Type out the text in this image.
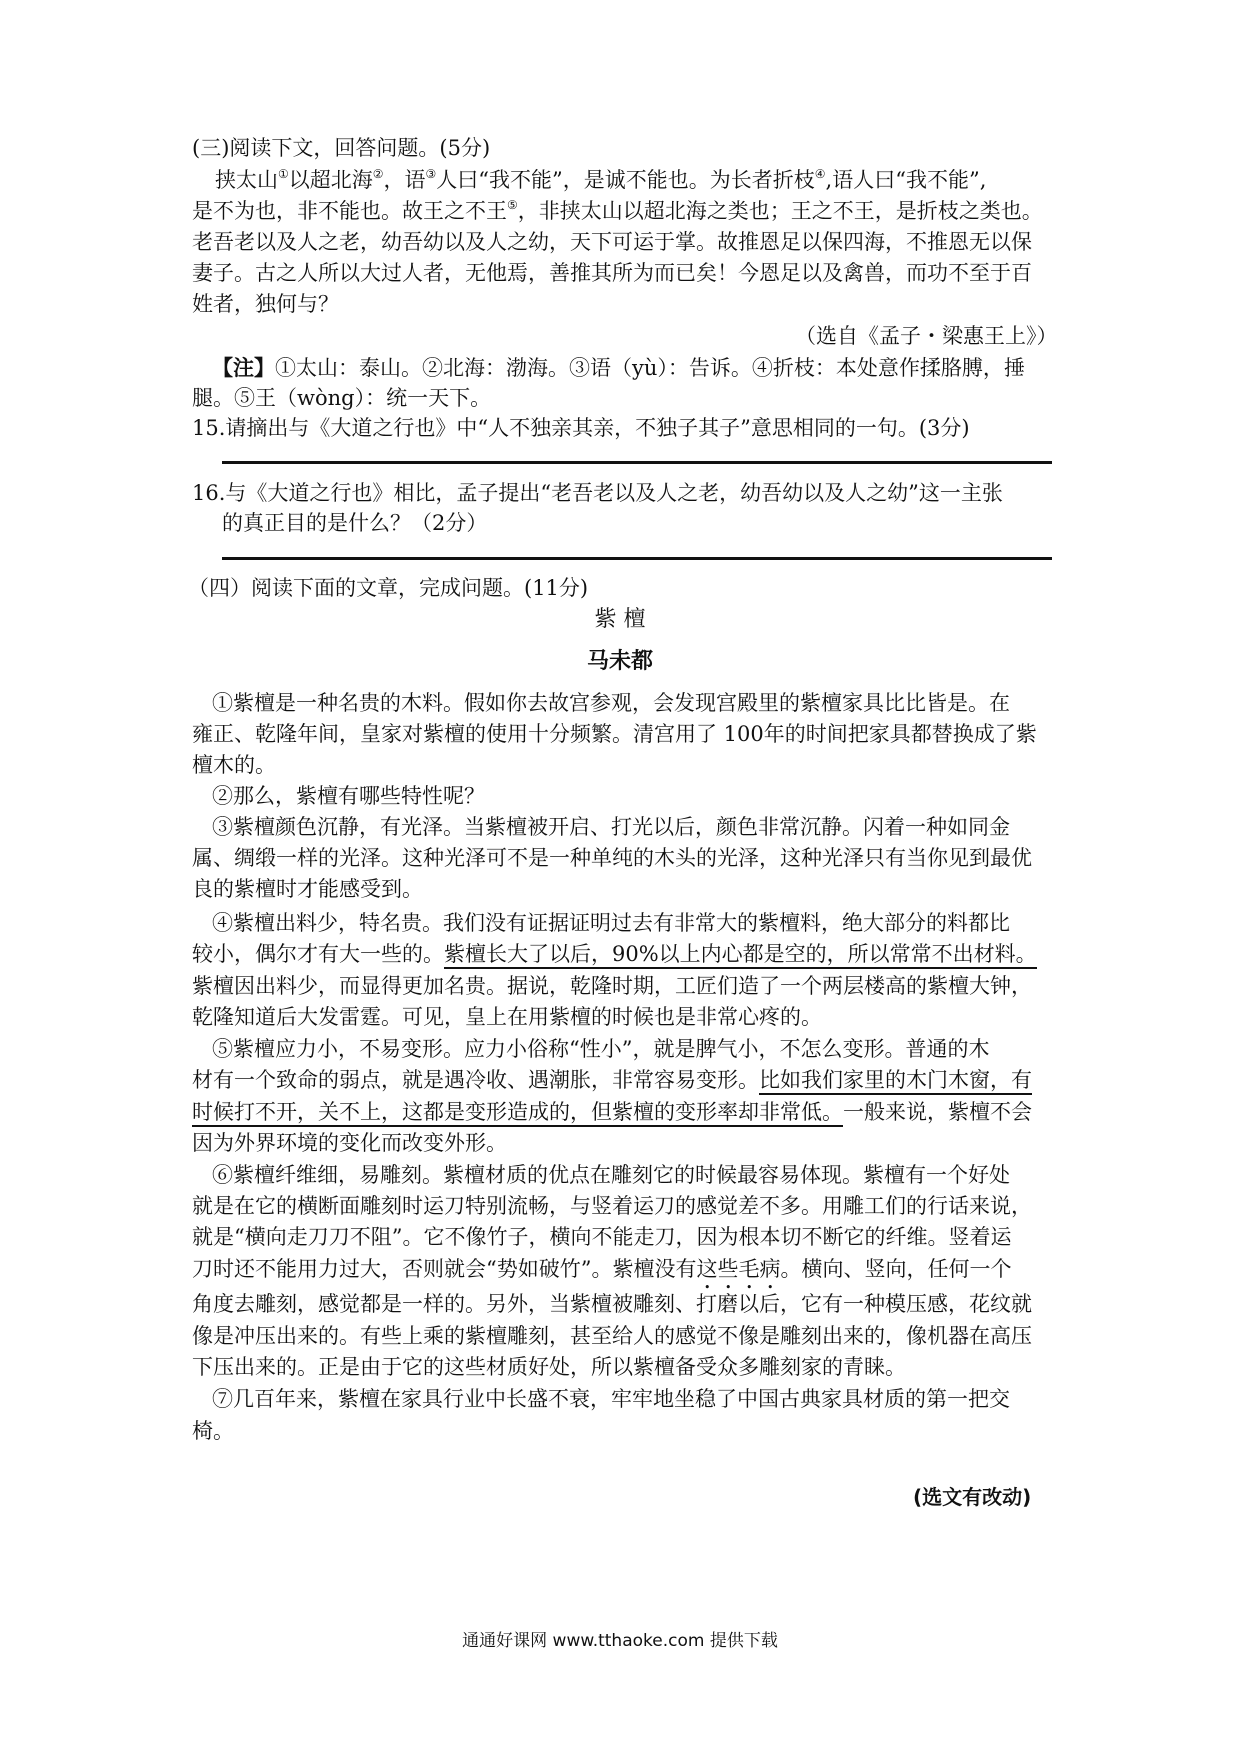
(三)阅读下文，回答问题。(5分)
挟太山①以超北海②，语③人曰“我不能”，是诚不能也。为长者折枝④,语人曰“我不能”,
是不为也，非不能也。故王之不王⑤，非挟太山以超北海之类也；王之不王，是折枝之类也。
老吾老以及人之老，幼吾幼以及人之幼，天下可运于掌。故推恩足以保四海，不推恩无以保
妻子。古之人所以大过人者，无他焉，善推其所为而已矣！今恩足以及禽兽，而功不至于百
姓者，独何与？
（选自《孟子・梁惠王上》）
【注】①太山：泰山。②北海：渤海。③语（yù）：告诉。④折枝：本处意作揉胳膊，捶
腿。⑤王（wòng）：统一天下。
15.请摘出与《大道之行也》中“人不独亲其亲，不独子其子”意思相同的一句。(3分)
16.与《大道之行也》相比，孟子提出“老吾老以及人之老，幼吾幼以及人之幼”这一主张
的真正目的是什么？（2分）
（四）阅读下面的文章，完成问题。(11分)
紫 檀
马未都
①紫檀是一种名贵的木料。假如你去故宫参观，会发现宫殿里的紫檀家具比比皆是。在
雍正、乾隆年间，皇家对紫檀的使用十分频繁。清宫用了 100年的时间把家具都替换成了紫
檀木的。
②那么，紫檀有哪些特性呢？
③紫檀颜色沉静，有光泽。当紫檀被开启、打光以后，颜色非常沉静。闪着一种如同金
属、绸缎一样的光泽。这种光泽可不是一种单纯的木头的光泽，这种光泽只有当你见到最优
良的紫檀时才能感受到。
④紫檀出料少，特名贵。我们没有证据证明过去有非常大的紫檀料，绝大部分的料都比
较小，偶尔才有大一些的。紫檀长大了以后，90%以上内心都是空的，所以常常不出材料。
紫檀因出料少，而显得更加名贵。据说，乾隆时期，工匠们造了一个两层楼高的紫檀大钟，
乾隆知道后大发雷霆。可见，皇上在用紫檀的时候也是非常心疼的。
⑤紫檀应力小，不易变形。应力小俗称“性小”，就是脾气小，不怎么变形。普通的木
材有一个致命的弱点，就是遇冷收、遇潮胀，非常容易变形。比如我们家里的木门木窗，有
时候打不开，关不上，这都是变形造成的，但紫檀的变形率却非常低。一般来说，紫檀不会
因为外界环境的变化而改变外形。
⑥紫檀纤维细，易雕刻。紫檀材质的优点在雕刻它的时候最容易体现。紫檀有一个好处
就是在它的横断面雕刻时运刀特别流畅，与竖着运刀的感觉差不多。用雕工们的行话来说，
就是“横向走刀刀不阻”。它不像竹子，横向不能走刀，因为根本切不断它的纤维。竖着运
刀时还不能用力过大，否则就会“势如破竹”。紫檀没有这些毛病。横向、竖向，任何一个
角度去雕刻，感觉都是一样的。另外，当紫檀被雕刻、打磨以后，它有一种模压感，花纹就
像是冲压出来的。有些上乘的紫檀雕刻，甚至给人的感觉不像是雕刻出来的，像机器在高压
下压出来的。正是由于它的这些材质好处，所以紫檀备受众多雕刻家的青睐。
⑦几百年来，紫檀在家具行业中长盛不衰，牢牢地坐稳了中国古典家具材质的第一把交
椅。
(选文有改动)
通通好课网 www.tthaoke.com 提供下载
